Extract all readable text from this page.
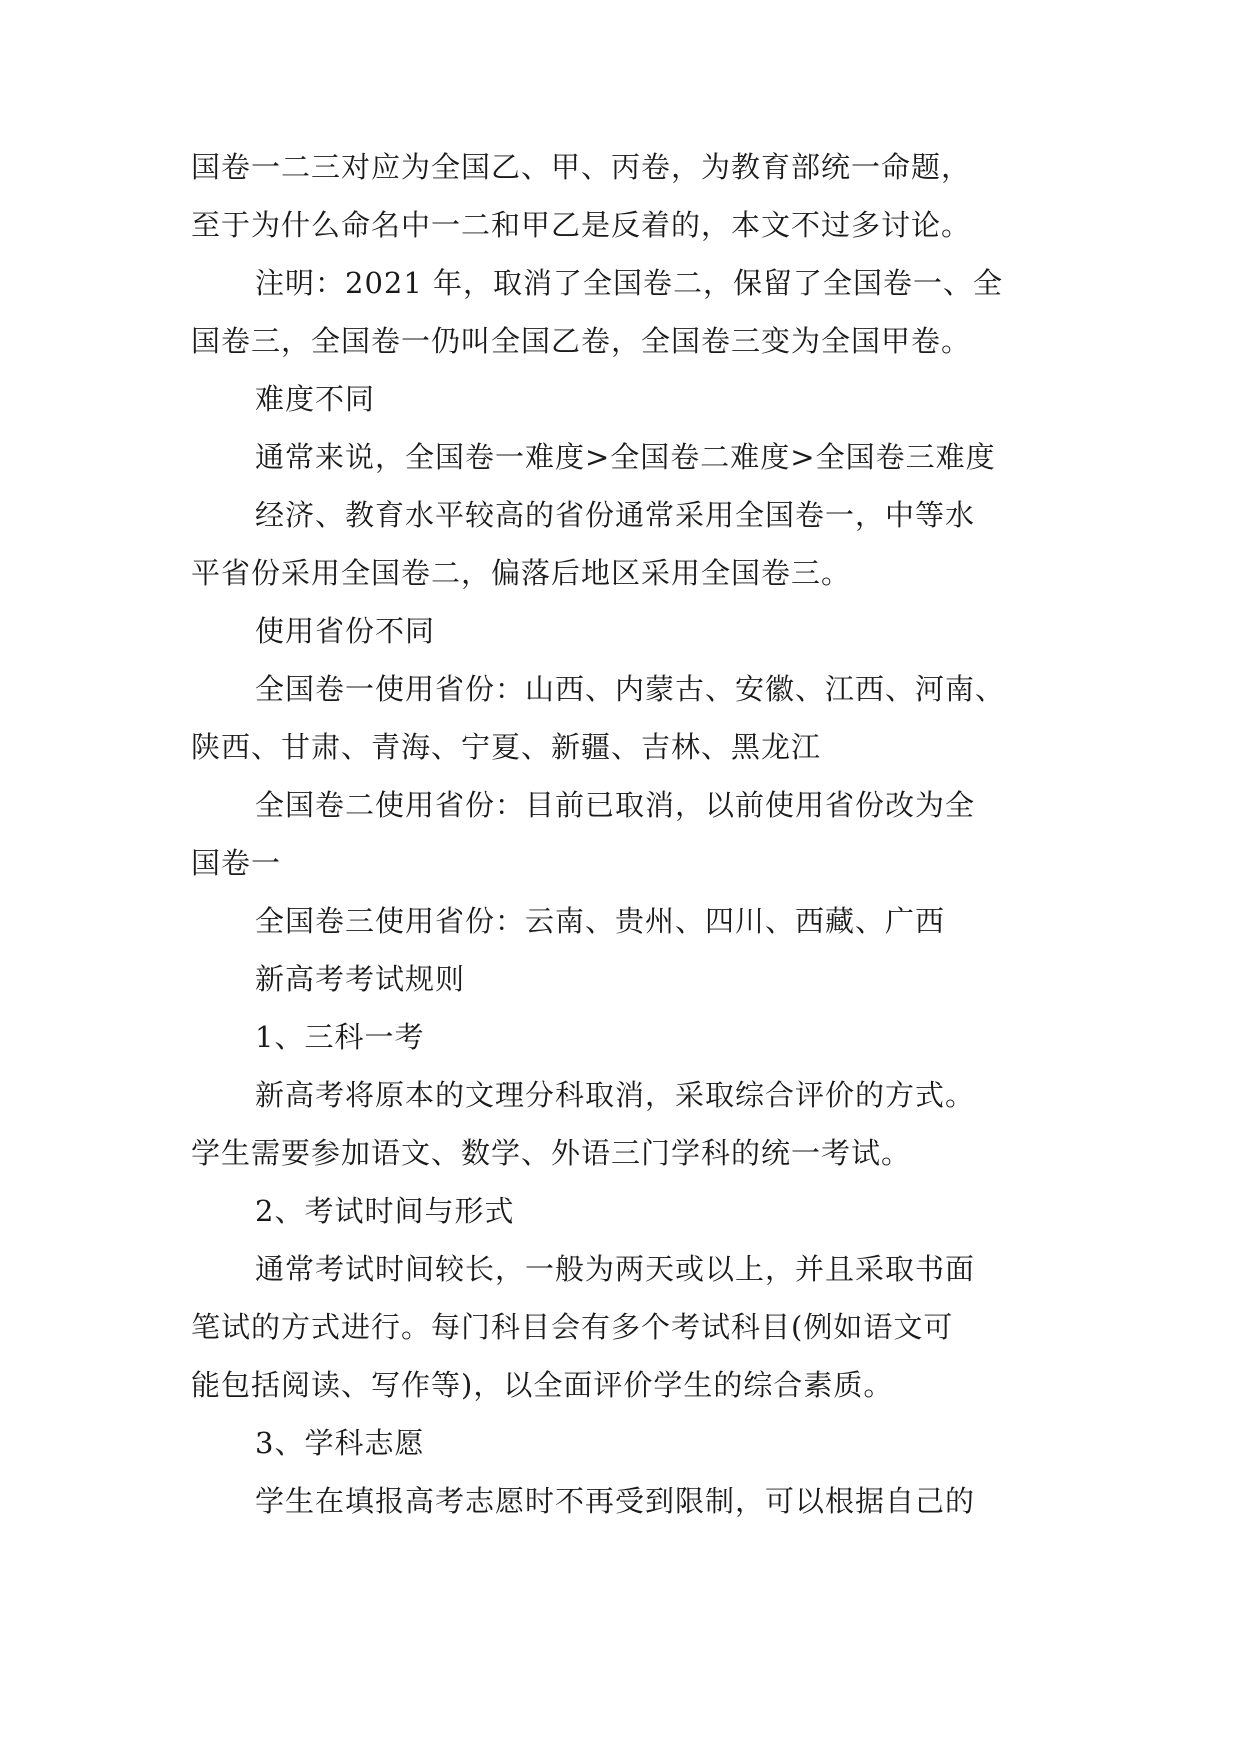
国卷一二三对应为全国乙、甲、丙卷，为教育部统一命题，
至于为什么命名中一二和甲乙是反着的，本文不过多讨论。
注明：2021 年，取消了全国卷二，保留了全国卷一、全
国卷三，全国卷一仍叫全国乙卷，全国卷三变为全国甲卷。
难度不同
通常来说，全国卷一难度>全国卷二难度>全国卷三难度
经济、教育水平较高的省份通常采用全国卷一，中等水
平省份采用全国卷二，偏落后地区采用全国卷三。
使用省份不同
全国卷一使用省份：山西、内蒙古、安徽、江西、河南、
陕西、甘肃、青海、宁夏、新疆、吉林、黑龙江
全国卷二使用省份：目前已取消，以前使用省份改为全
国卷一
全国卷三使用省份：云南、贵州、四川、西藏、广西
新高考考试规则
1、三科一考
新高考将原本的文理分科取消，采取综合评价的方式。
学生需要参加语文、数学、外语三门学科的统一考试。
2、考试时间与形式
通常考试时间较长，一般为两天或以上，并且采取书面
笔试的方式进行。每门科目会有多个考试科目(例如语文可
能包括阅读、写作等)，以全面评价学生的综合素质。
3、学科志愿
学生在填报高考志愿时不再受到限制，可以根据自己的
